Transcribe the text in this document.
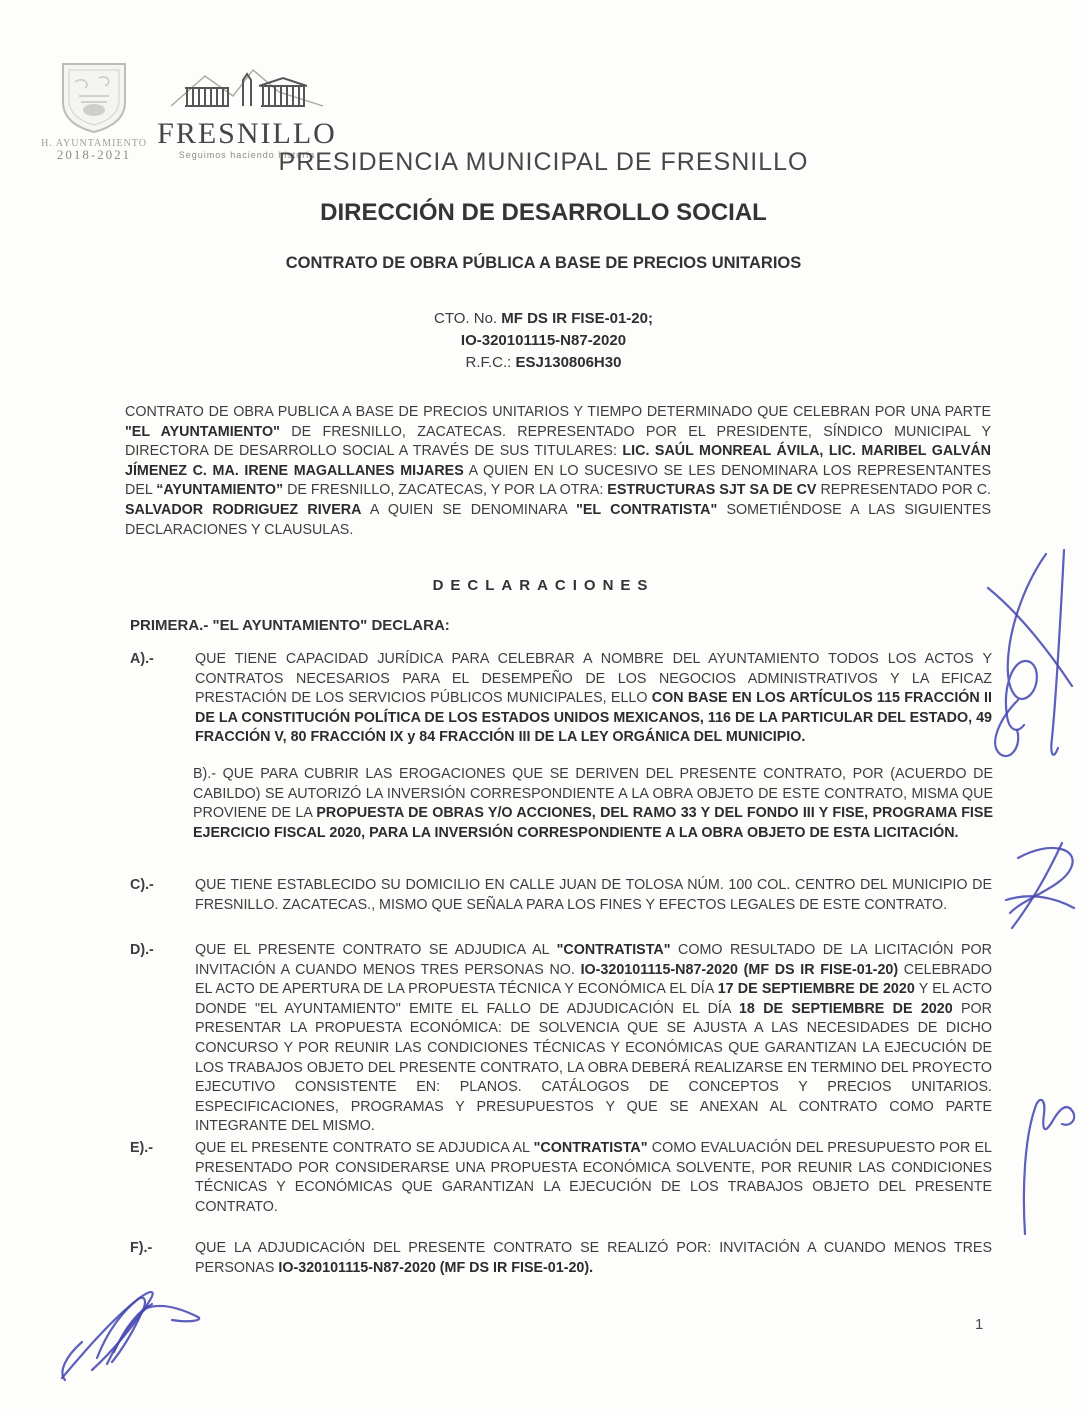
H. AYUNTAMIENTO
2018-2021
FRESNILLO
Seguimos haciendo historia
PRESIDENCIA MUNICIPAL DE FRESNILLO
DIRECCIÓN DE DESARROLLO SOCIAL
CONTRATO DE OBRA PÚBLICA A BASE DE PRECIOS UNITARIOS
CTO. No. MF DS IR FISE-01-20;
IO-320101115-N87-2020
R.F.C.: ESJ130806H30
CONTRATO DE OBRA PUBLICA A BASE DE PRECIOS UNITARIOS Y TIEMPO DETERMINADO QUE CELEBRAN POR UNA PARTE "EL AYUNTAMIENTO" DE FRESNILLO, ZACATECAS. REPRESENTADO POR EL PRESIDENTE, SÍNDICO MUNICIPAL Y DIRECTORA DE DESARROLLO SOCIAL A TRAVÉS DE SUS TITULARES: LIC. SAÚL MONREAL ÁVILA, LIC. MARIBEL GALVÁN JÍMENEZ C. MA. IRENE MAGALLANES MIJARES A QUIEN EN LO SUCESIVO SE LES DENOMINARA LOS REPRESENTANTES DEL “AYUNTAMIENTO” DE FRESNILLO, ZACATECAS, Y POR LA OTRA: ESTRUCTURAS SJT SA DE CV REPRESENTADO POR C. SALVADOR RODRIGUEZ RIVERA A QUIEN SE DENOMINARA "EL CONTRATISTA" SOMETIÉNDOSE A LAS SIGUIENTES DECLARACIONES Y CLAUSULAS.
DECLARACIONES
PRIMERA.- "EL AYUNTAMIENTO" DECLARA:
A).-	QUE TIENE CAPACIDAD JURÍDICA PARA CELEBRAR A NOMBRE DEL AYUNTAMIENTO TODOS LOS ACTOS Y CONTRATOS NECESARIOS PARA EL DESEMPEÑO DE LOS NEGOCIOS ADMINISTRATIVOS Y LA EFICAZ PRESTACIÓN DE LOS SERVICIOS PÚBLICOS MUNICIPALES, ELLO CON BASE EN LOS ARTÍCULOS 115 FRACCIÓN II DE LA CONSTITUCIÓN POLÍTICA DE LOS ESTADOS UNIDOS MEXICANOS, 116 DE LA PARTICULAR DEL ESTADO, 49 FRACCIÓN V, 80 FRACCIÓN IX y 84 FRACCIÓN III DE LA LEY ORGÁNICA DEL MUNICIPIO.
B).- QUE PARA CUBRIR LAS EROGACIONES QUE SE DERIVEN DEL PRESENTE CONTRATO, POR (ACUERDO DE CABILDO) SE AUTORIZÓ LA INVERSIÓN CORRESPONDIENTE A LA OBRA OBJETO DE ESTE CONTRATO, MISMA QUE PROVIENE DE LA PROPUESTA DE OBRAS Y/O ACCIONES, DEL RAMO 33 Y DEL FONDO III Y FISE, PROGRAMA FISE EJERCICIO FISCAL 2020, PARA LA INVERSIÓN CORRESPONDIENTE A LA OBRA OBJETO DE ESTA LICITACIÓN.
C).-	QUE TIENE ESTABLECIDO SU DOMICILIO EN CALLE JUAN DE TOLOSA NÚM. 100 COL. CENTRO DEL MUNICIPIO DE FRESNILLO. ZACATECAS., MISMO QUE SEÑALA PARA LOS FINES Y EFECTOS LEGALES DE ESTE CONTRATO.
D).-	QUE EL PRESENTE CONTRATO SE ADJUDICA AL "CONTRATISTA" COMO RESULTADO DE LA LICITACIÓN POR INVITACIÓN A CUANDO MENOS TRES PERSONAS NO. IO-320101115-N87-2020 (MF DS IR FISE-01-20) CELEBRADO EL ACTO DE APERTURA DE LA PROPUESTA TÉCNICA Y ECONÓMICA EL DÍA 17 DE SEPTIEMBRE DE 2020 Y EL ACTO DONDE "EL AYUNTAMIENTO" EMITE EL FALLO DE ADJUDICACIÓN EL DÍA 18 DE SEPTIEMBRE DE 2020 POR PRESENTAR LA PROPUESTA ECONÓMICA: DE SOLVENCIA QUE SE AJUSTA A LAS NECESIDADES DE DICHO CONCURSO Y POR REUNIR LAS CONDICIONES TÉCNICAS Y ECONÓMICAS QUE GARANTIZAN LA EJECUCIÓN DE LOS TRABAJOS OBJETO DEL PRESENTE CONTRATO, LA OBRA DEBERÁ REALIZARSE EN TERMINO DEL PROYECTO EJECUTIVO CONSISTENTE EN: PLANOS. CATÁLOGOS DE CONCEPTOS Y PRECIOS UNITARIOS. ESPECIFICACIONES, PROGRAMAS Y PRESUPUESTOS Y QUE SE ANEXAN AL CONTRATO COMO PARTE INTEGRANTE DEL MISMO.
E).-	QUE EL PRESENTE CONTRATO SE ADJUDICA AL "CONTRATISTA" COMO EVALUACIÓN DEL PRESUPUESTO POR EL PRESENTADO POR CONSIDERARSE UNA PROPUESTA ECONÓMICA SOLVENTE, POR REUNIR LAS CONDICIONES TÉCNICAS Y ECONÓMICAS QUE GARANTIZAN LA EJECUCIÓN DE LOS TRABAJOS OBJETO DEL PRESENTE CONTRATO.
F).-	QUE LA ADJUDICACIÓN DEL PRESENTE CONTRATO SE REALIZÓ POR: INVITACIÓN A CUANDO MENOS TRES PERSONAS IO-320101115-N87-2020 (MF DS IR FISE-01-20).
1
